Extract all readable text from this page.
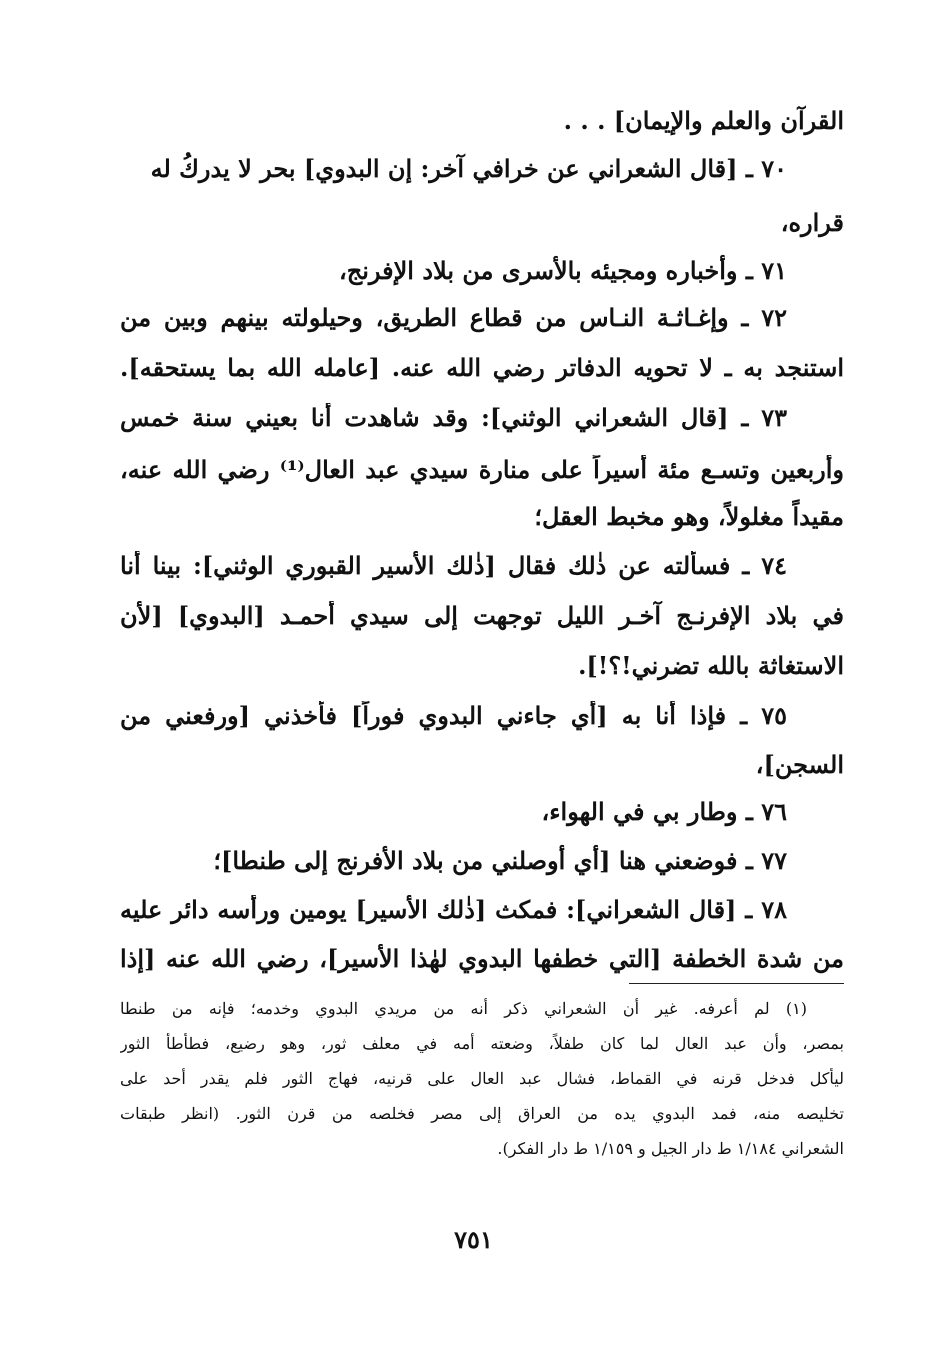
القرآن والعلم والإيمان] . . .
٧٠ ـ [قال الشعراني عن خرافي آخر: إن البدوي] بحر لا يدركُ له
قراره،
٧١ ـ وأخباره ومجيئه بالأسرى من بلاد الإفرنج،
٧٢ ـ وإغـاثـة النـاس من قطاع الطريق، وحيلولته بينهم وبين من
استنجد به ـ لا تحويه الدفاتر رضي الله عنه. [عامله الله بما يستحقه].
٧٣ ـ [قال الشعراني الوثني]: وقد شاهدت أنا بعيني سنة خمس
وأربعين وتسـع مئة أسيراً على منارة سيدي عبد العال⁽¹⁾ رضي الله عنه،
مقيداً مغلولاً، وهو مخبط العقل؛
٧٤ ـ فسألته عن ذٰلك فقال [ذٰلك الأسير القبوري الوثني]: بينا أنا
في بلاد الإفرنـج آخـر الليل توجهت إلى سيدي أحمـد [البدوي] [لأن
الاستغاثة بالله تضرني!؟!].
٧٥ ـ فإذا أنا به [أي جاءني البدوي فوراً] فأخذني [ورفعني من
السجن]،
٧٦ ـ وطار بي في الهواء،
٧٧ ـ فوضعني هنا [أي أوصلني من بلاد الأفرنج إلى طنطا]؛
٧٨ ـ [قال الشعراني]: فمكث [ذٰلك الأسير] يومين ورأسه دائر عليه
من شدة الخطفة [التي خطفها البدوي لهٰذا الأسير]، رضي الله عنه [إذا
(١) لم أعرفه. غير أن الشعراني ذكر أنه من مريدي البدوي وخدمه؛ فإنه من طنطا
بمصر، وأن عبد العال لما كان طفلاً، وضعته أمه في معلف ثور، وهو رضيع، فطأطأ الثور
ليأكل فدخل قرنه في القماط، فشال عبد العال على قرنيه، فهاج الثور فلم يقدر أحد على
تخليصه منه، فمد البدوي يده من العراق إلى مصر فخلصه من قرن الثور. (انظر طبقات
الشعراني ١/١٨٤ ط دار الجيل و ١/١٥٩ ط دار الفكر).
٧٥١
